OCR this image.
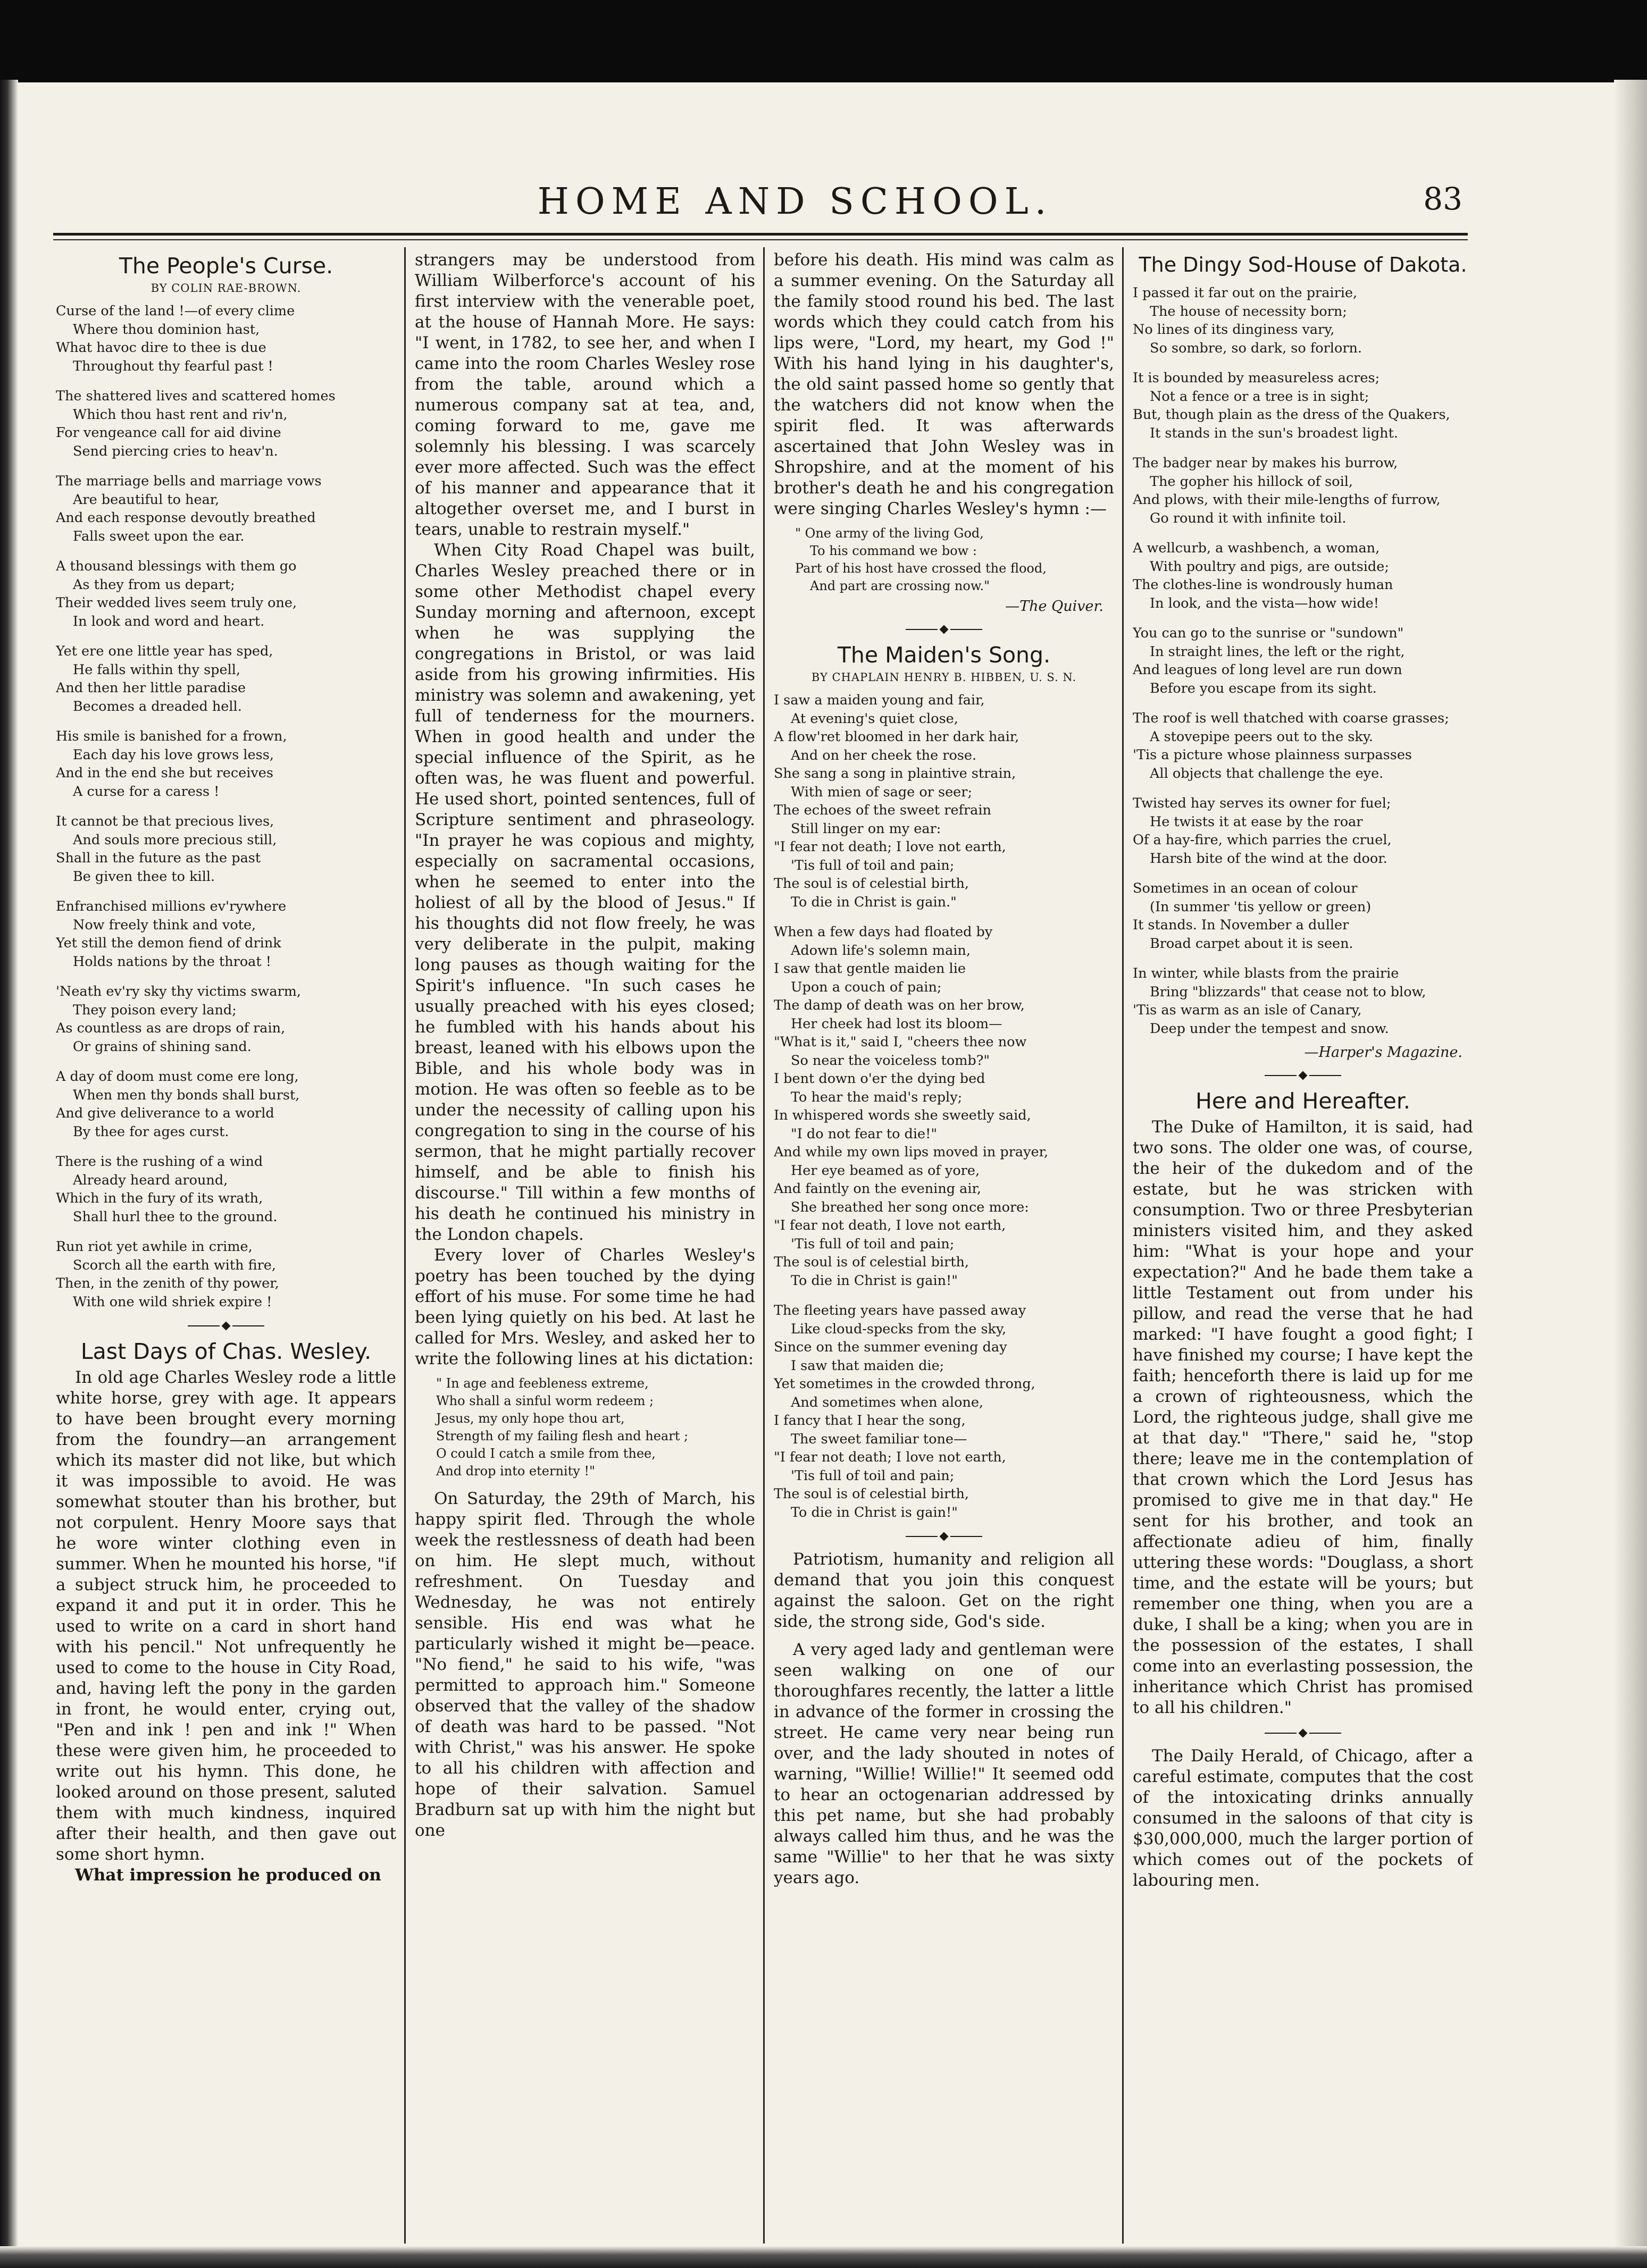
HOME AND SCHOOL.	83
The People's Curse.
BY COLIN RAE-BROWN.
Curse of the land !—of every clime
Where thou dominion hast,
What havoc dire to thee is due
Throughout thy fearful past !
The shattered lives and scattered homes
Which thou hast rent and riv'n,
For vengeance call for aid divine
Send piercing cries to heav'n.
The marriage bells and marriage vows
Are beautiful to hear,
And each response devoutly breathed
Falls sweet upon the ear.
A thousand blessings with them go
As they from us depart;
Their wedded lives seem truly one,
In look and word and heart.
Yet ere one little year has sped,
He falls within thy spell,
And then her little paradise
Becomes a dreaded hell.
His smile is banished for a frown,
Each day his love grows less,
And in the end she but receives
A curse for a caress !
It cannot be that precious lives,
And souls more precious still,
Shall in the future as the past
Be given thee to kill.
Enfranchised millions ev'rywhere
Now freely think and vote,
Yet still the demon fiend of drink
Holds nations by the throat !
'Neath ev'ry sky thy victims swarm,
They poison every land;
As countless as are drops of rain,
Or grains of shining sand.
A day of doom must come ere long,
When men thy bonds shall burst,
And give deliverance to a world
By thee for ages curst.
There is the rushing of a wind
Already heard around,
Which in the fury of its wrath,
Shall hurl thee to the ground.
Run riot yet awhile in crime,
Scorch all the earth with fire,
Then, in the zenith of thy power,
With one wild shriek expire !
Last Days of Chas. Wesley.

In old age Charles Wesley rode a little white horse, grey with age. It appears to have been brought every morning from the foundry—an arrangement which its master did not like, but which it was impossible to avoid. He was somewhat stouter than his brother, but not corpulent. Henry Moore says that he wore winter clothing even in summer. When he mounted his horse, "if a subject struck him, he proceeded to expand it and put it in order. This he used to write on a card in short hand with his pencil." Not unfrequently he used to come to the house in City Road, and, having left the pony in the garden in front, he would enter, crying out, "Pen and ink ! pen and ink !" When these were given him, he proceeded to write out his hymn. This done, he looked around on those present, saluted them with much kindness, inquired after their health, and then gave out some short hymn.

What impression he produced on

strangers may be understood from William Wilberforce's account of his first interview with the venerable poet, at the house of Hannah More. He says: "I went, in 1782, to see her, and when I came into the room Charles Wesley rose from the table, around which a numerous company sat at tea, and, coming forward to me, gave me solemnly his blessing. I was scarcely ever more affected. Such was the effect of his manner and appearance that it altogether overset me, and I burst in tears, unable to restrain myself."

When City Road Chapel was built, Charles Wesley preached there or in some other Methodist chapel every Sunday morning and afternoon, except when he was supplying the congregations in Bristol, or was laid aside from his growing infirmities. His ministry was solemn and awakening, yet full of tenderness for the mourners. When in good health and under the special influence of the Spirit, as he often was, he was fluent and powerful. He used short, pointed sentences, full of Scripture sentiment and phraseology. "In prayer he was copious and mighty, especially on sacramental occasions, when he seemed to enter into the holiest of all by the blood of Jesus." If his thoughts did not flow freely, he was very deliberate in the pulpit, making long pauses as though waiting for the Spirit's influence. "In such cases he usually preached with his eyes closed; he fumbled with his hands about his breast, leaned with his elbows upon the Bible, and his whole body was in motion. He was often so feeble as to be under the necessity of calling upon his congregation to sing in the course of his sermon, that he might partially recover himself, and be able to finish his discourse." Till within a few months of his death he continued his ministry in the London chapels.

Every lover of Charles Wesley's poetry has been touched by the dying effort of his muse. For some time he had been lying quietly on his bed. At last he called for Mrs. Wesley, and asked her to write the following lines at his dictation:

" In age and feebleness extreme,
Who shall a sinful worm redeem ;
Jesus, my only hope thou art,
Strength of my failing flesh and heart ;
O could I catch a smile from thee,
And drop into eternity !"

On Saturday, the 29th of March, his happy spirit fled. Through the whole week the restlessness of death had been on him. He slept much, without refreshment. On Tuesday and Wednesday, he was not entirely sensible. His end was what he particularly wished it might be—peace. "No fiend," he said to his wife, "was permitted to approach him." Someone observed that the valley of the shadow of death was hard to be passed. "Not with Christ," was his answer. He spoke to all his children with affection and hope of their salvation. Samuel Bradburn sat up with him the night but one

before his death. His mind was calm as a summer evening. On the Saturday all the family stood round his bed. The last words which they could catch from his lips were, "Lord, my heart, my God !" With his hand lying in his daughter's, the old saint passed home so gently that the watchers did not know when the spirit fled. It was afterwards ascertained that John Wesley was in Shropshire, and at the moment of his brother's death he and his congregation were singing Charles Wesley's hymn :—

" One army of the living God,
To his command we bow :
Part of his host have crossed the flood,
And part are crossing now."
—The Quiver.
The Maiden's Song.
BY CHAPLAIN HENRY B. HIBBEN, U. S. N.
I saw a maiden young and fair,
At evening's quiet close,
A flow'ret bloomed in her dark hair,
And on her cheek the rose.
She sang a song in plaintive strain,
With mien of sage or seer;
The echoes of the sweet refrain
Still linger on my ear:
"I fear not death; I love not earth,
'Tis full of toil and pain;
The soul is of celestial birth,
To die in Christ is gain."
When a few days had floated by
Adown life's solemn main,
I saw that gentle maiden lie
Upon a couch of pain;
The damp of death was on her brow,
Her cheek had lost its bloom—
"What is it," said I, "cheers thee now
So near the voiceless tomb?"
I bent down o'er the dying bed
To hear the maid's reply;
In whispered words she sweetly said,
"I do not fear to die!"
And while my own lips moved in prayer,
Her eye beamed as of yore,
And faintly on the evening air,
She breathed her song once more:
"I fear not death, I love not earth,
'Tis full of toil and pain;
The soul is of celestial birth,
To die in Christ is gain!"
The fleeting years have passed away
Like cloud-specks from the sky,
Since on the summer evening day
I saw that maiden die;
Yet sometimes in the crowded throng,
And sometimes when alone,
I fancy that I hear the song,
The sweet familiar tone—
"I fear not death; I love not earth,
'Tis full of toil and pain;
The soul is of celestial birth,
To die in Christ is gain!"

Patriotism, humanity and religion all demand that you join this conquest against the saloon. Get on the right side, the strong side, God's side.

A very aged lady and gentleman were seen walking on one of our thoroughfares recently, the latter a little in advance of the former in crossing the street. He came very near being run over, and the lady shouted in notes of warning, "Willie! Willie!" It seemed odd to hear an octogenarian addressed by this pet name, but she had probably always called him thus, and he was the same "Willie" to her that he was sixty years ago.

The Dingy Sod-House of Dakota.
I passed it far out on the prairie,
The house of necessity born;
No lines of its dinginess vary,
So sombre, so dark, so forlorn.
It is bounded by measureless acres;
Not a fence or a tree is in sight;
But, though plain as the dress of the Quakers,
It stands in the sun's broadest light.
The badger near by makes his burrow,
The gopher his hillock of soil,
And plows, with their mile-lengths of furrow,
Go round it with infinite toil.
A wellcurb, a washbench, a woman,
With poultry and pigs, are outside;
The clothes-line is wondrously human
In look, and the vista—how wide!
You can go to the sunrise or "sundown"
In straight lines, the left or the right,
And leagues of long level are run down
Before you escape from its sight.
The roof is well thatched with coarse grasses;
A stovepipe peers out to the sky.
'Tis a picture whose plainness surpasses
All objects that challenge the eye.
Twisted hay serves its owner for fuel;
He twists it at ease by the roar
Of a hay-fire, which parries the cruel,
Harsh bite of the wind at the door.
Sometimes in an ocean of colour
(In summer 'tis yellow or green)
It stands. In November a duller
Broad carpet about it is seen.
In winter, while blasts from the prairie
Bring "blizzards" that cease not to blow,
'Tis as warm as an isle of Canary,
Deep under the tempest and snow.
—Harper's Magazine.
Here and Hereafter.

The Duke of Hamilton, it is said, had two sons. The older one was, of course, the heir of the dukedom and of the estate, but he was stricken with consumption. Two or three Presbyterian ministers visited him, and they asked him: "What is your hope and your expectation?" And he bade them take a little Testament out from under his pillow, and read the verse that he had marked: "I have fought a good fight; I have finished my course; I have kept the faith; henceforth there is laid up for me a crown of righteousness, which the Lord, the righteous judge, shall give me at that day." "There," said he, "stop there; leave me in the contemplation of that crown which the Lord Jesus has promised to give me in that day." He sent for his brother, and took an affectionate adieu of him, finally uttering these words: "Douglass, a short time, and the estate will be yours; but remember one thing, when you are a duke, I shall be a king; when you are in the possession of the estates, I shall come into an everlasting possession, the inheritance which Christ has promised to all his children."

The Daily Herald, of Chicago, after a careful estimate, computes that the cost of the intoxicating drinks annually consumed in the saloons of that city is $30,000,000, much the larger portion of which comes out of the pockets of labouring men.
